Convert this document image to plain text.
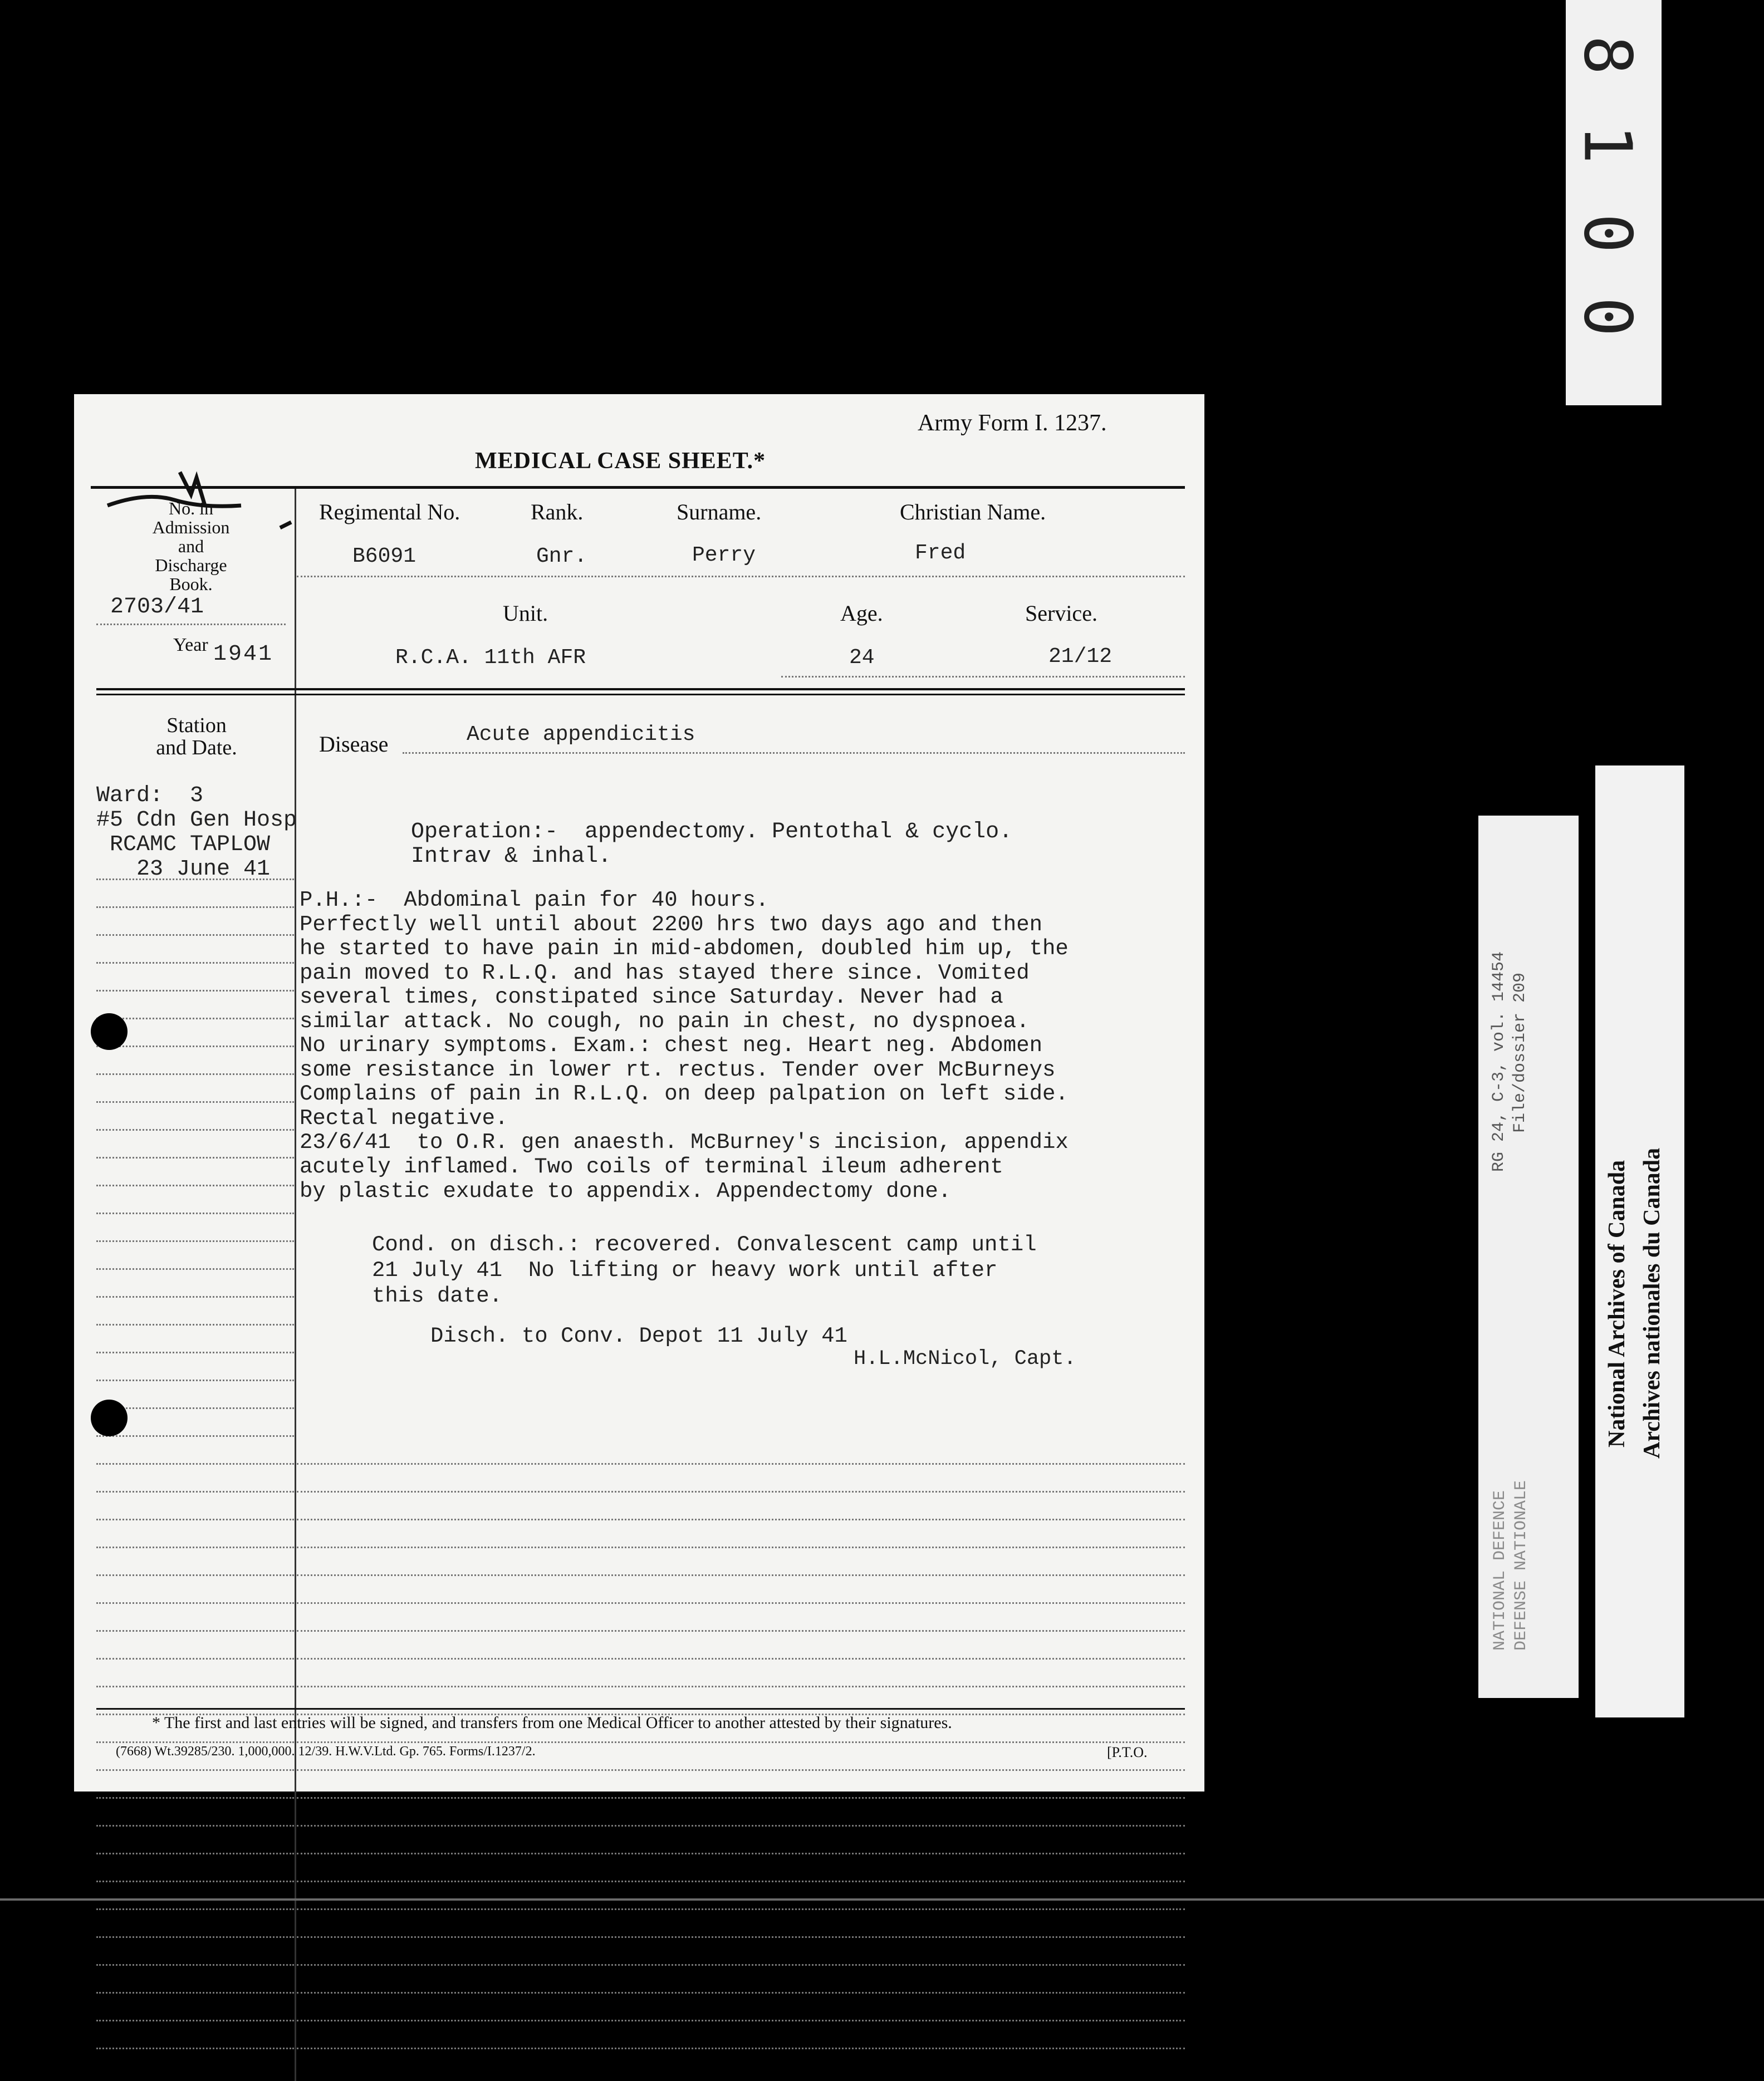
8
1
0
0
Army Form I. 1237.
MEDICAL CASE SHEET.*
No. in
Admission
and
Discharge
Book.
2703/41
Year 1941
Regimental No.	Rank.	Surname.	Christian Name.
B6091	Gnr.	Perry	Fred
Unit.	Age.	Service.
R.C.A. 11th AFR	24	21/12
Station
and Date.	Disease	Acute appendicitis
Ward:  3
#5 Cdn Gen Hosp
RCAMC TAPLOW
23 June 41
Operation:-  appendectomy. Pentothal & cyclo.
Intrav & inhal.
P.H.:-  Abdominal pain for 40 hours.
Perfectly well until about 2200 hrs two days ago and then
he started to have pain in mid-abdomen, doubled him up, the
pain moved to R.L.Q. and has stayed there since. Vomited
several times, constipated since Saturday. Never had a
similar attack. No cough, no pain in chest, no dyspnoea.
No urinary symptoms. Exam.: chest neg. Heart neg. Abdomen
some resistance in lower rt. rectus. Tender over McBurneys
Complains of pain in R.L.Q. on deep palpation on left side.
Rectal negative.
23/6/41  to O.R. gen anaesth. McBurney's incision, appendix
acutely inflamed. Two coils of terminal ileum adherent
by plastic exudate to appendix. Appendectomy done.
Cond. on disch.: recovered. Convalescent camp until
21 July 41  No lifting or heavy work until after
this date.
Disch. to Conv. Depot 11 July 41
H.L.McNicol, Capt.
* The first and last entries will be signed, and transfers from one Medical Officer to another attested by their signatures.
(7668) Wt.39285/230. 1,000,000. 12/39. H.W.V.Ltd. Gp. 765. Forms/I.1237/2.	[P.T.O.
RG 24, C-3, vol. 14454 File/dossier 209
NATIONAL DEFENCE DEFENSE NATIONALE
National Archives of Canada Archives nationales du Canada
